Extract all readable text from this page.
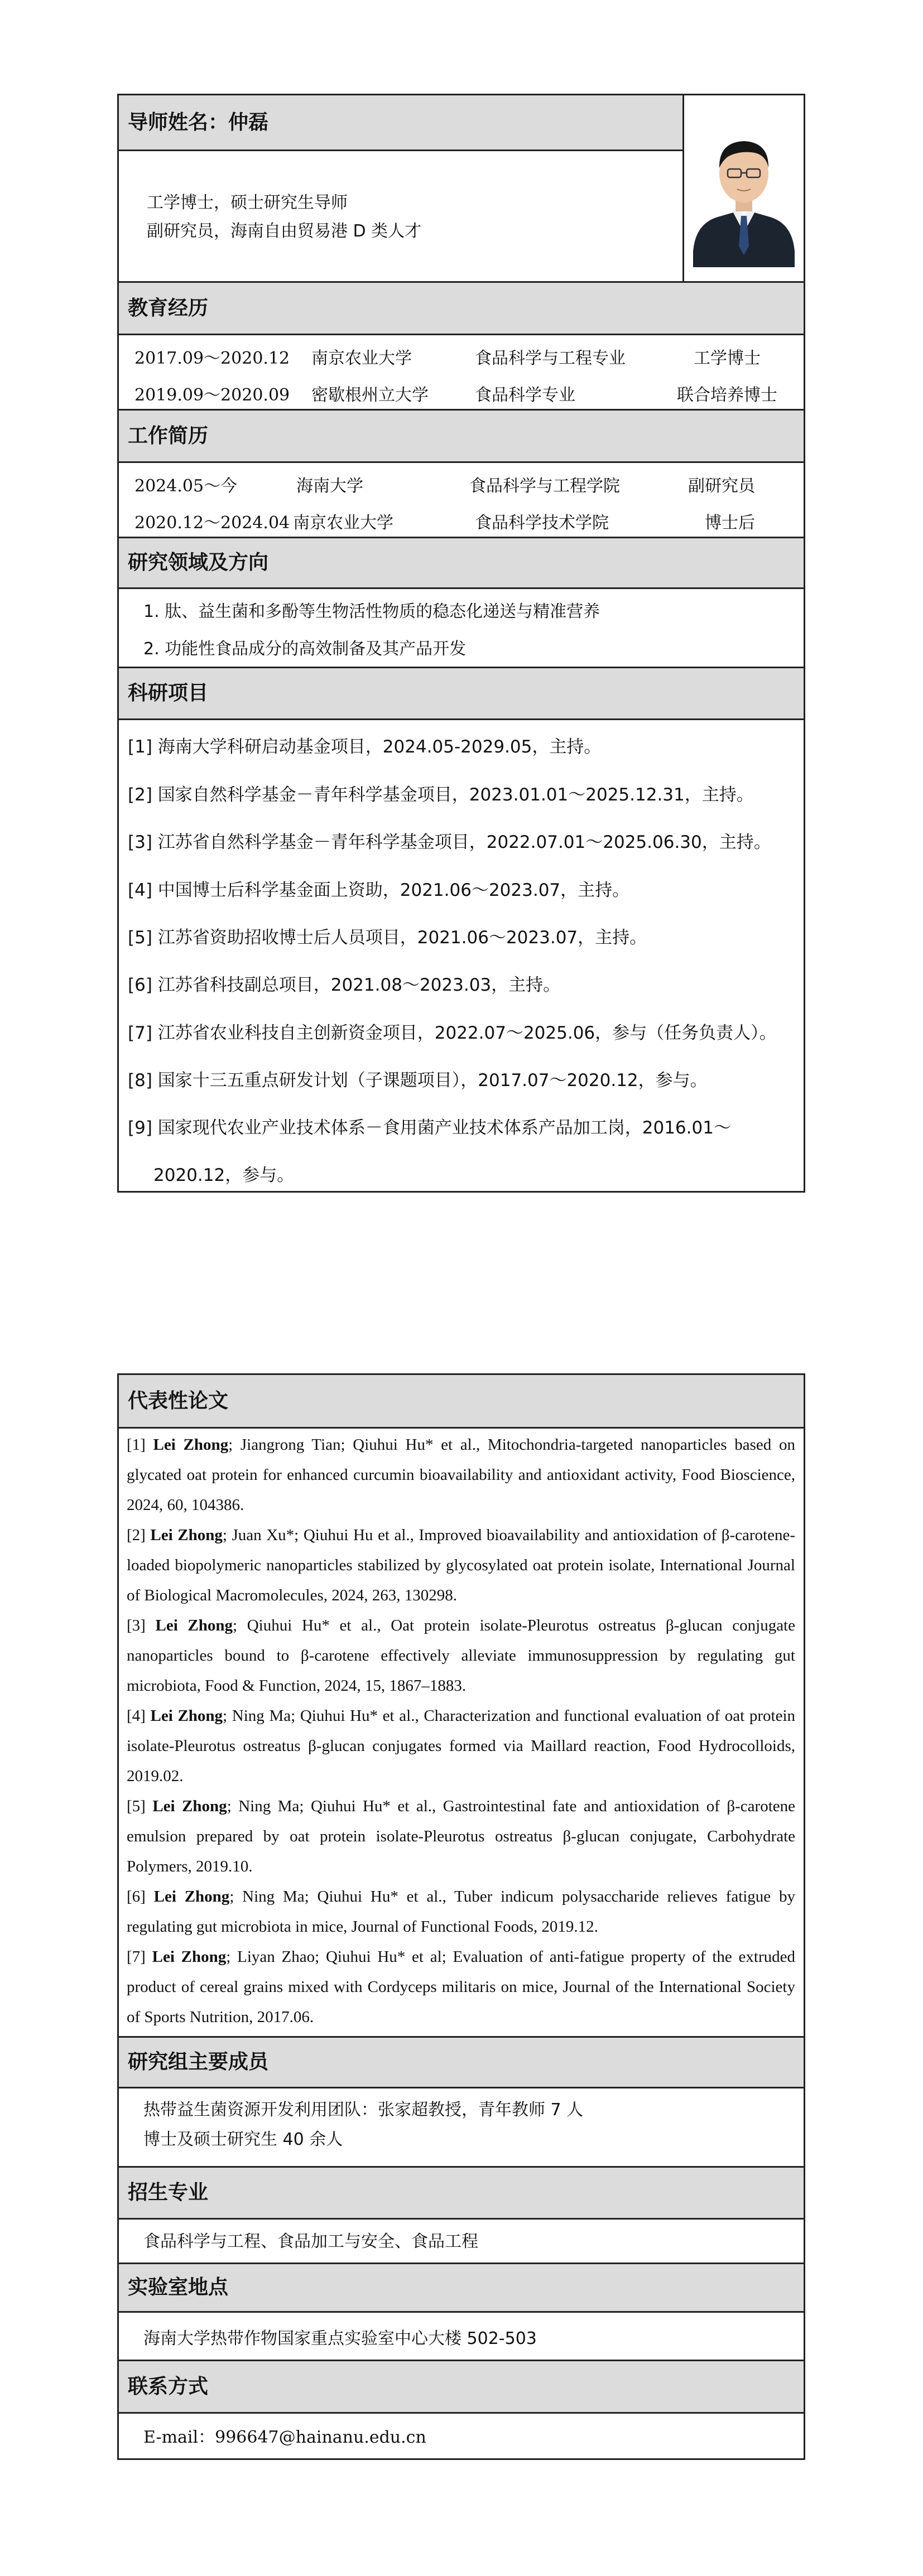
导师姓名：仲磊
工学博士，硕士研究生导师
副研究员，海南自由贸易港 D 类人才
教育经历
2017.09～2020.12 南京农业大学	食品科学与工程专业	工学博士
2019.09～2020.09 密歇根州立大学	食品科学专业	联合培养博士
工作简历
2024.05～今	海南大学	食品科学与工程学院	副研究员
2020.12～2024.04 南京农业大学	食品科学技术学院	博士后
研究领域及方向
1. 肽、益生菌和多酚等生物活性物质的稳态化递送与精准营养
2. 功能性食品成分的高效制备及其产品开发
科研项目
[1] 海南大学科研启动基金项目，2024.05-2029.05，主持。
[2] 国家自然科学基金－青年科学基金项目，2023.01.01～2025.12.31，主持。
[3] 江苏省自然科学基金－青年科学基金项目，2022.07.01～2025.06.30，主持。
[4] 中国博士后科学基金面上资助，2021.06～2023.07，主持。
[5] 江苏省资助招收博士后人员项目，2021.06～2023.07，主持。
[6] 江苏省科技副总项目，2021.08～2023.03，主持。
[7] 江苏省农业科技自主创新资金项目，2022.07～2025.06，参与（任务负责人）。
[8] 国家十三五重点研发计划（子课题项目），2017.07～2020.12，参与。
[9] 国家现代农业产业技术体系－食用菌产业技术体系产品加工岗，2016.01～
2020.12，参与。
代表性论文
[1] Lei Zhong; Jiangrong Tian; Qiuhui Hu* et al., Mitochondria-targeted nanoparticles based on glycated oat protein for enhanced curcumin bioavailability and antioxidant activity, Food Bioscience, 2024, 60, 104386.
[2] Lei Zhong; Juan Xu*; Qiuhui Hu et al., Improved bioavailability and antioxidation of β-carotene-loaded biopolymeric nanoparticles stabilized by glycosylated oat protein isolate, International Journal of Biological Macromolecules, 2024, 263, 130298.
[3] Lei Zhong; Qiuhui Hu* et al., Oat protein isolate-Pleurotus ostreatus β-glucan conjugate nanoparticles bound to β-carotene effectively alleviate immunosuppression by regulating gut microbiota, Food & Function, 2024, 15, 1867–1883.
[4] Lei Zhong; Ning Ma; Qiuhui Hu* et al., Characterization and functional evaluation of oat protein isolate-Pleurotus ostreatus β-glucan conjugates formed via Maillard reaction, Food Hydrocolloids, 2019.02.
[5] Lei Zhong; Ning Ma; Qiuhui Hu* et al., Gastrointestinal fate and antioxidation of β-carotene emulsion prepared by oat protein isolate-Pleurotus ostreatus β-glucan conjugate, Carbohydrate Polymers, 2019.10.
[6] Lei Zhong; Ning Ma; Qiuhui Hu* et al., Tuber indicum polysaccharide relieves fatigue by regulating gut microbiota in mice, Journal of Functional Foods, 2019.12.
[7] Lei Zhong; Liyan Zhao; Qiuhui Hu* et al; Evaluation of anti-fatigue property of the extruded product of cereal grains mixed with Cordyceps militaris on mice, Journal of the International Society of Sports Nutrition, 2017.06.
研究组主要成员
热带益生菌资源开发利用团队：张家超教授，青年教师 7 人
博士及硕士研究生 40 余人
招生专业
食品科学与工程、食品加工与安全、食品工程
实验室地点
海南大学热带作物国家重点实验室中心大楼 502-503
联系方式
E-mail：996647@hainanu.edu.cn
